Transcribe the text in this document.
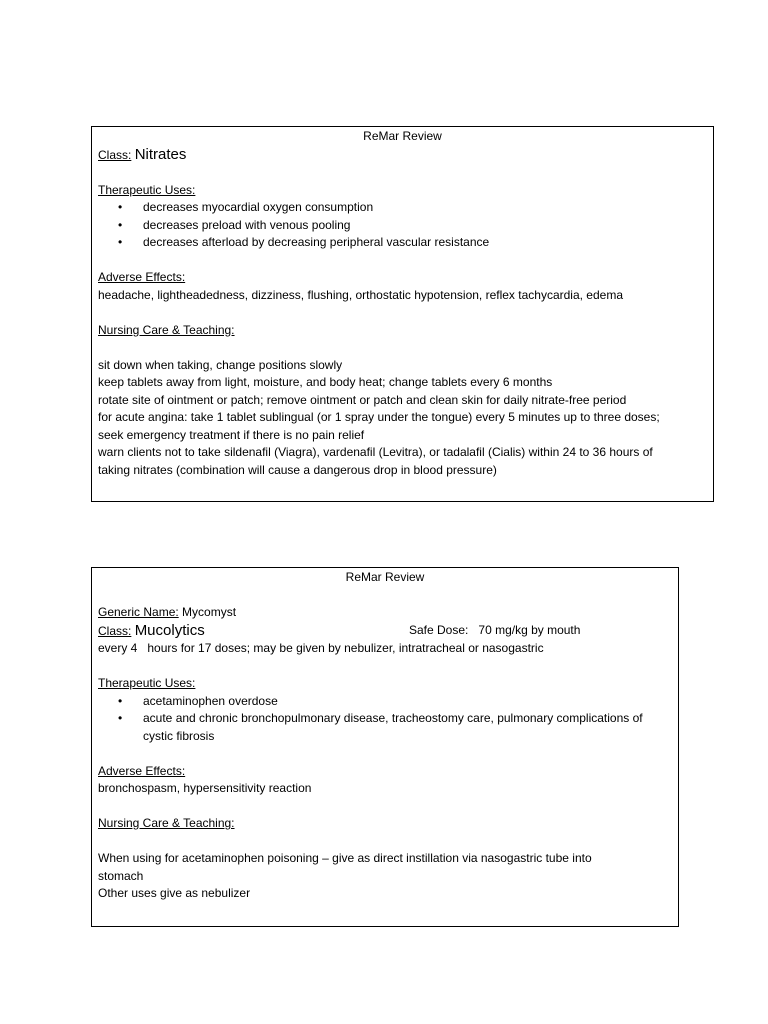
ReMar Review
Class: Nitrates
Therapeutic Uses:
• decreases myocardial oxygen consumption
• decreases preload with venous pooling
• decreases afterload by decreasing peripheral vascular resistance
Adverse Effects:
headache, lightheadedness, dizziness, flushing, orthostatic hypotension, reflex tachycardia, edema
Nursing Care & Teaching:
sit down when taking, change positions slowly
keep tablets away from light, moisture, and body heat; change tablets every 6 months
rotate site of ointment or patch; remove ointment or patch and clean skin for daily nitrate-free period
for acute angina: take 1 tablet sublingual (or 1 spray under the tongue) every 5 minutes up to three doses;
seek emergency treatment if there is no pain relief
warn clients not to take sildenafil (Viagra), vardenafil (Levitra), or tadalafil (Cialis) within 24 to 36 hours of
taking nitrates (combination will cause a dangerous drop in blood pressure)
ReMar Review
Generic Name: Mycomyst
Class: Mucolytics	Safe Dose: 70 mg/kg by mouth
every 4   hours for 17 doses; may be given by nebulizer, intratracheal or nasogastric
Therapeutic Uses:
• acetaminophen overdose
• acute and chronic bronchopulmonary disease, tracheostomy care, pulmonary complications of cystic fibrosis
Adverse Effects:
bronchospasm, hypersensitivity reaction
Nursing Care & Teaching:
When using for acetaminophen poisoning – give as direct instillation via nasogastric tube into
stomach
Other uses give as nebulizer
